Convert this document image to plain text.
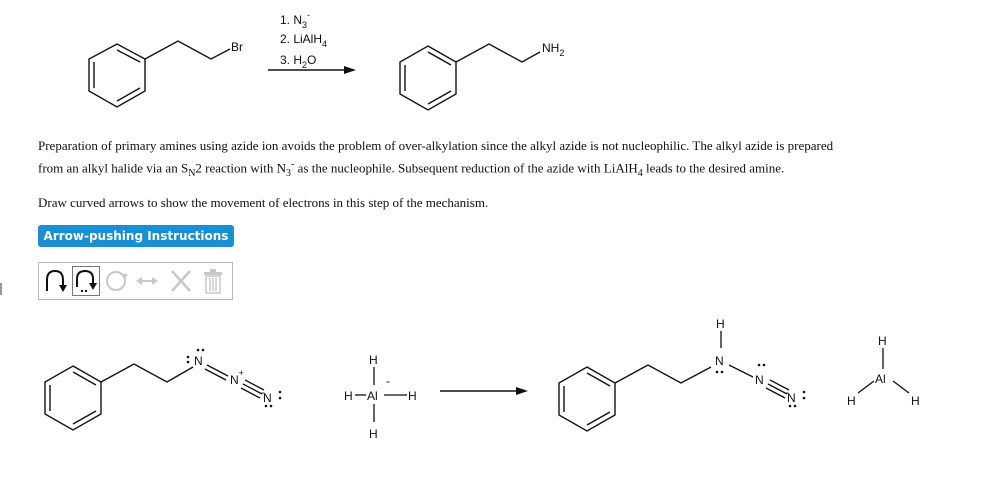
Br
1. $N_3^-$
2. LiAlH$_4$
3. $H_2O$
$NH_2$
Preparation of primary amines using azide ion avoids the problem of over-alkylation since the alkyl azide is not nucleophilic. The alkyl azide is prepared
from an alkyl halide via an $S_N2$ reaction with $N_3^-$ as the nucleophile. Subsequent reduction of the azide with LiAlH$_4$ leads to the desired amine.
Draw curved arrows to show the movement of electrons in this step of the mechanism.
Arrow-pushing Instructions
N
N+
N
-
H
H Al
-
H
H
H
N
N
N
-
H
Al
H	H
